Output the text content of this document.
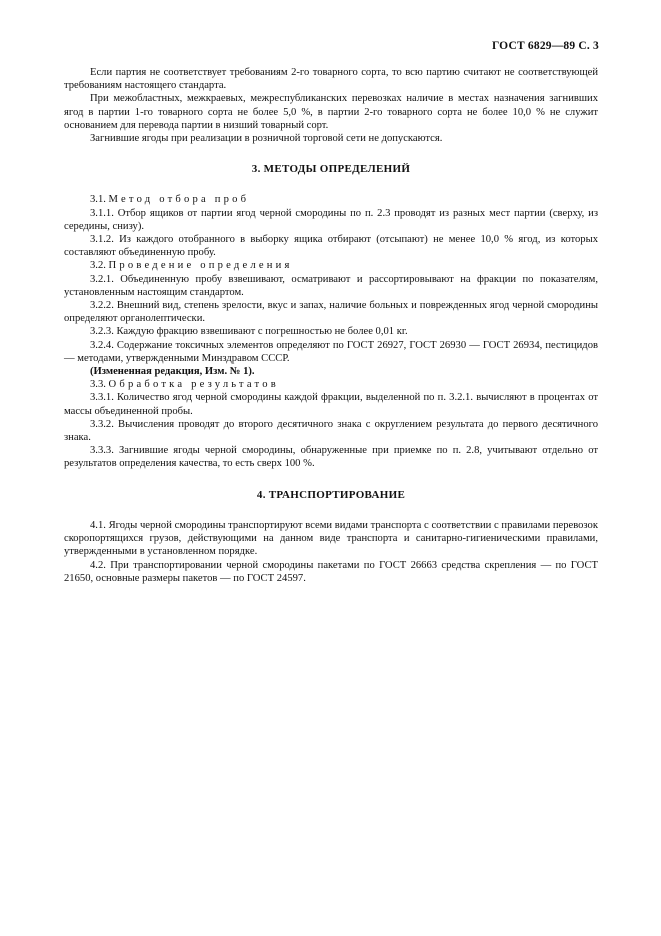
ГОСТ 6829—89 С. 3

Если партия не соответствует требованиям 2-го товарного сорта, то всю партию считают не соответствующей требованиям настоящего стандарта.

При межобластных, межкраевых, межреспубликанских перевозках наличие в местах назначения загнивших ягод в партии 1-го товарного сорта не более 5,0 %, в партии 2-го товарного сорта не более 10,0 % не служит основанием для перевода партии в низший товарный сорт.

Загнившие ягоды при реализации в розничной торговой сети не допускаются.

3. МЕТОДЫ ОПРЕДЕЛЕНИЙ

3.1. Метод отбора проб

3.1.1. Отбор ящиков от партии ягод черной смородины по п. 2.3 проводят из разных мест партии (сверху, из середины, снизу).

3.1.2. Из каждого отобранного в выборку ящика отбирают (отсыпают) не менее 10,0 % ягод, из которых составляют объединенную пробу.

3.2. Проведение определения

3.2.1. Объединенную пробу взвешивают, осматривают и рассортировывают на фракции по показателям, установленным настоящим стандартом.

3.2.2. Внешний вид, степень зрелости, вкус и запах, наличие больных и поврежденных ягод черной смородины определяют органолептически.

3.2.3. Каждую фракцию взвешивают с погрешностью не более 0,01 кг.

3.2.4. Содержание токсичных элементов определяют по ГОСТ 26927, ГОСТ 26930 — ГОСТ 26934, пестицидов — методами, утвержденными Минздравом СССР.

(Измененная редакция, Изм. № 1).

3.3. Обработка результатов

3.3.1. Количество ягод черной смородины каждой фракции, выделенной по п. 3.2.1. вычисляют в процентах от массы объединенной пробы.

3.3.2. Вычисления проводят до второго десятичного знака с округлением результата до первого десятичного знака.

3.3.3. Загнившие ягоды черной смородины, обнаруженные при приемке по п. 2.8, учитывают отдельно от результатов определения качества, то есть сверх 100 %.

4. ТРАНСПОРТИРОВАНИЕ

4.1. Ягоды черной смородины транспортируют всеми видами транспорта с соответствии с правилами перевозок скоропортящихся грузов, действующими на данном виде транспорта и санитарно-гигиеническими правилами, утвержденными в установленном порядке.

4.2. При транспортировании черной смородины пакетами по ГОСТ 26663 средства скрепления — по ГОСТ 21650, основные размеры пакетов — по ГОСТ 24597.
